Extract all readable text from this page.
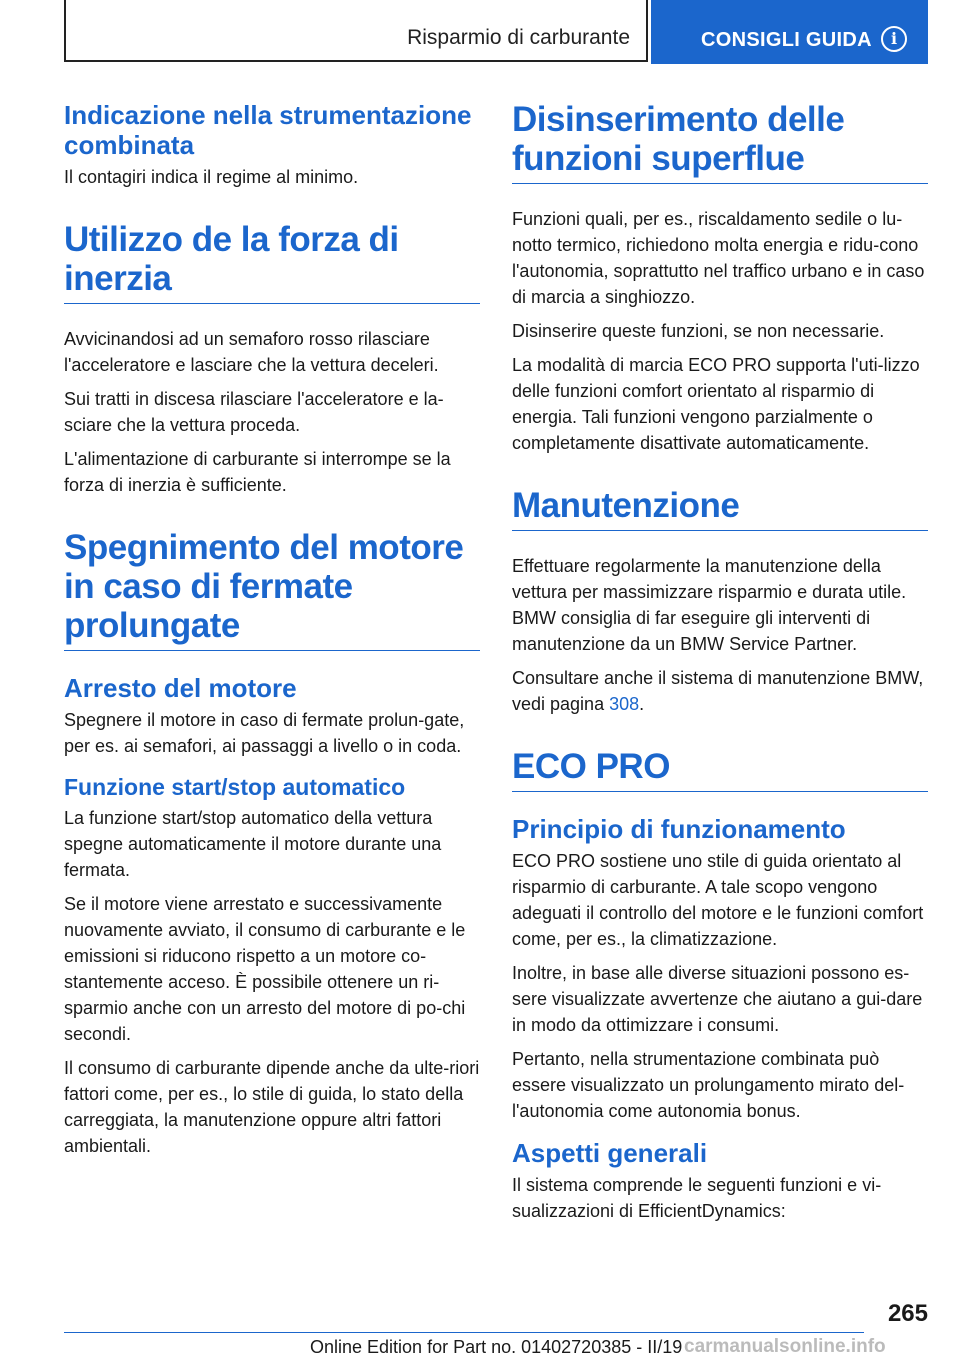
Risparmio di carburante	CONSIGLI GUIDA	i
Indicazione nella strumentazione combinata

Il contagiri indica il regime al minimo.

Utilizzo de la forza di inerzia

Avvicinandosi ad un semaforo rosso rilasciare l'acceleratore e lasciare che la vettura deceleri.

Sui tratti in discesa rilasciare l'acceleratore e la-sciare che la vettura proceda.

L'alimentazione di carburante si interrompe se la forza di inerzia è sufficiente.

Spegnimento del motore in caso di fermate prolungate
Arresto del motore

Spegnere il motore in caso di fermate prolun-gate, per es. ai semafori, ai passaggi a livello o in coda.

Funzione start/stop automatico

La funzione start/stop automatico della vettura spegne automaticamente il motore durante una fermata.

Se il motore viene arrestato e successivamente nuovamente avviato, il consumo di carburante e le emissioni si riducono rispetto a un motore co-stantemente acceso. È possibile ottenere un ri-sparmio anche con un arresto del motore di po-chi secondi.

Il consumo di carburante dipende anche da ulte-riori fattori come, per es., lo stile di guida, lo stato della carreggiata, la manutenzione oppure altri fattori ambientali.

Disinserimento delle funzioni superflue

Funzioni quali, per es., riscaldamento sedile o lu-notto termico, richiedono molta energia e ridu-cono l'autonomia, soprattutto nel traffico urbano e in caso di marcia a singhiozzo.

Disinserire queste funzioni, se non necessarie.

La modalità di marcia ECO PRO supporta l'uti-lizzo delle funzioni comfort orientato al risparmio di energia. Tali funzioni vengono parzialmente o completamente disattivate automaticamente.

Manutenzione

Effettuare regolarmente la manutenzione della vettura per massimizzare risparmio e durata utile. BMW consiglia di far eseguire gli interventi di manutenzione da un BMW Service Partner.

Consultare anche il sistema di manutenzione BMW, vedi pagina 308.

ECO PRO
Principio di funzionamento

ECO PRO sostiene uno stile di guida orientato al risparmio di carburante. A tale scopo vengono adeguati il controllo del motore e le funzioni comfort come, per es., la climatizzazione.

Inoltre, in base alle diverse situazioni possono es-sere visualizzate avvertenze che aiutano a gui-dare in modo da ottimizzare i consumi.

Pertanto, nella strumentazione combinata può essere visualizzato un prolungamento mirato del-l'autonomia come autonomia bonus.

Aspetti generali

Il sistema comprende le seguenti funzioni e vi-sualizzazioni di EfficientDynamics:

265
Online Edition for Part no. 01402720385 - II/19 carmanualsonline.info
